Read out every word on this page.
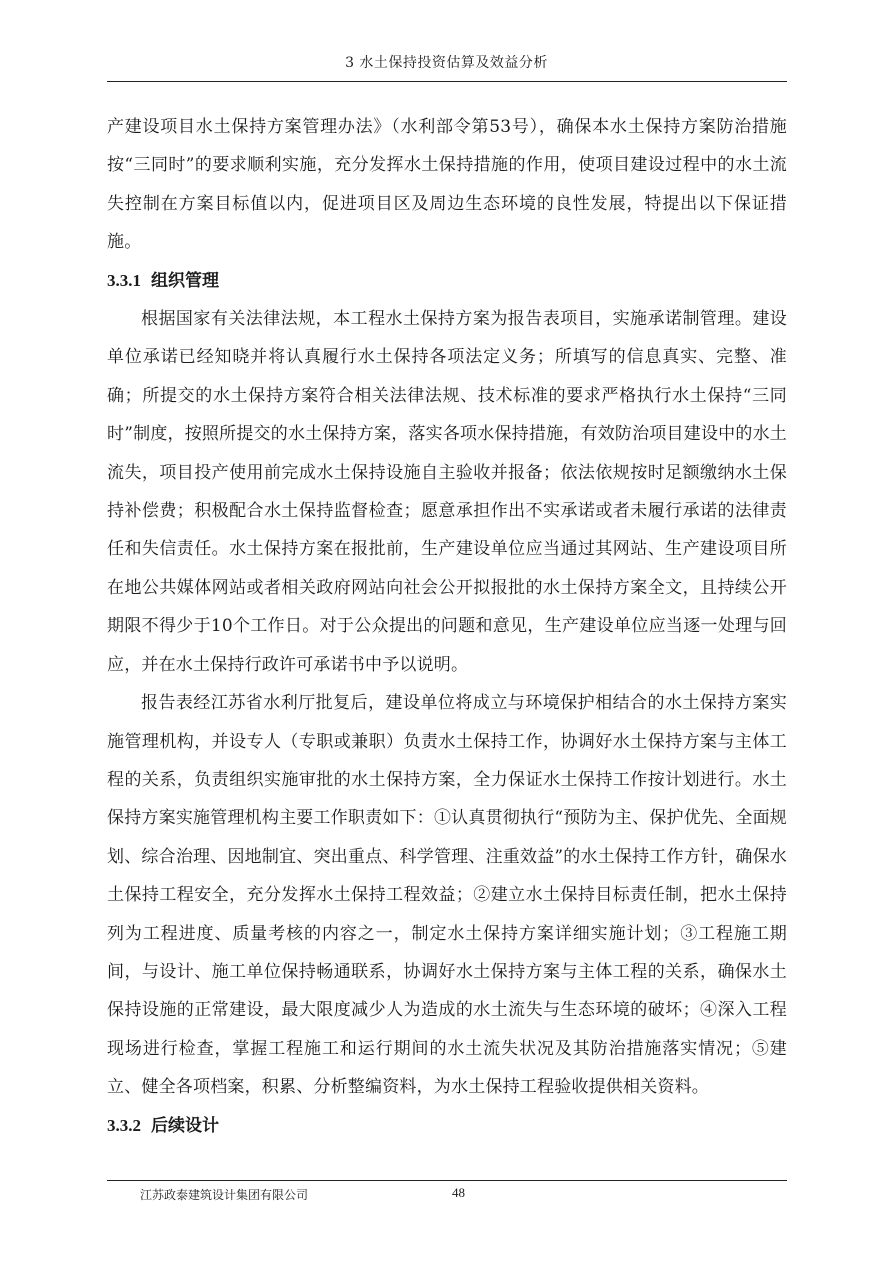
3 水土保持投资估算及效益分析

产建设项目水土保持方案管理办法》（水利部令第53号），确保本水土保持方案防治措施按“三同时”的要求顺利实施，充分发挥水土保持措施的作用，使项目建设过程中的水土流失控制在方案目标值以内，促进项目区及周边生态环境的良性发展，特提出以下保证措施。

3.3.1 组织管理

根据国家有关法律法规，本工程水土保持方案为报告表项目，实施承诺制管理。建设单位承诺已经知晓并将认真履行水土保持各项法定义务；所填写的信息真实、完整、准确；所提交的水土保持方案符合相关法律法规、技术标准的要求严格执行水土保持“三同时”制度，按照所提交的水土保持方案，落实各项水保持措施，有效防治项目建设中的水土流失，项目投产使用前完成水土保持设施自主验收并报备；依法依规按时足额缴纳水土保持补偿费；积极配合水土保持监督检查；愿意承担作出不实承诺或者未履行承诺的法律责任和失信责任。水土保持方案在报批前，生产建设单位应当通过其网站、生产建设项目所在地公共媒体网站或者相关政府网站向社会公开拟报批的水土保持方案全文，且持续公开期限不得少于10个工作日。对于公众提出的问题和意见，生产建设单位应当逐一处理与回应，并在水土保持行政许可承诺书中予以说明。

报告表经江苏省水利厅批复后，建设单位将成立与环境保护相结合的水土保持方案实施管理机构，并设专人（专职或兼职）负责水土保持工作，协调好水土保持方案与主体工程的关系，负责组织实施审批的水土保持方案，全力保证水土保持工作按计划进行。水土保持方案实施管理机构主要工作职责如下：①认真贯彻执行“预防为主、保护优先、全面规划、综合治理、因地制宜、突出重点、科学管理、注重效益”的水土保持工作方针，确保水土保持工程安全，充分发挥水土保持工程效益；②建立水土保持目标责任制，把水土保持列为工程进度、质量考核的内容之一，制定水土保持方案详细实施计划；③工程施工期间，与设计、施工单位保持畅通联系，协调好水土保持方案与主体工程的关系，确保水土保持设施的正常建设，最大限度减少人为造成的水土流失与生态环境的破坏；④深入工程现场进行检查，掌握工程施工和运行期间的水土流失状况及其防治措施落实情况；⑤建立、健全各项档案，积累、分析整编资料，为水土保持工程验收提供相关资料。

3.3.2 后续设计
江苏政泰建筑设计集团有限公司	48
